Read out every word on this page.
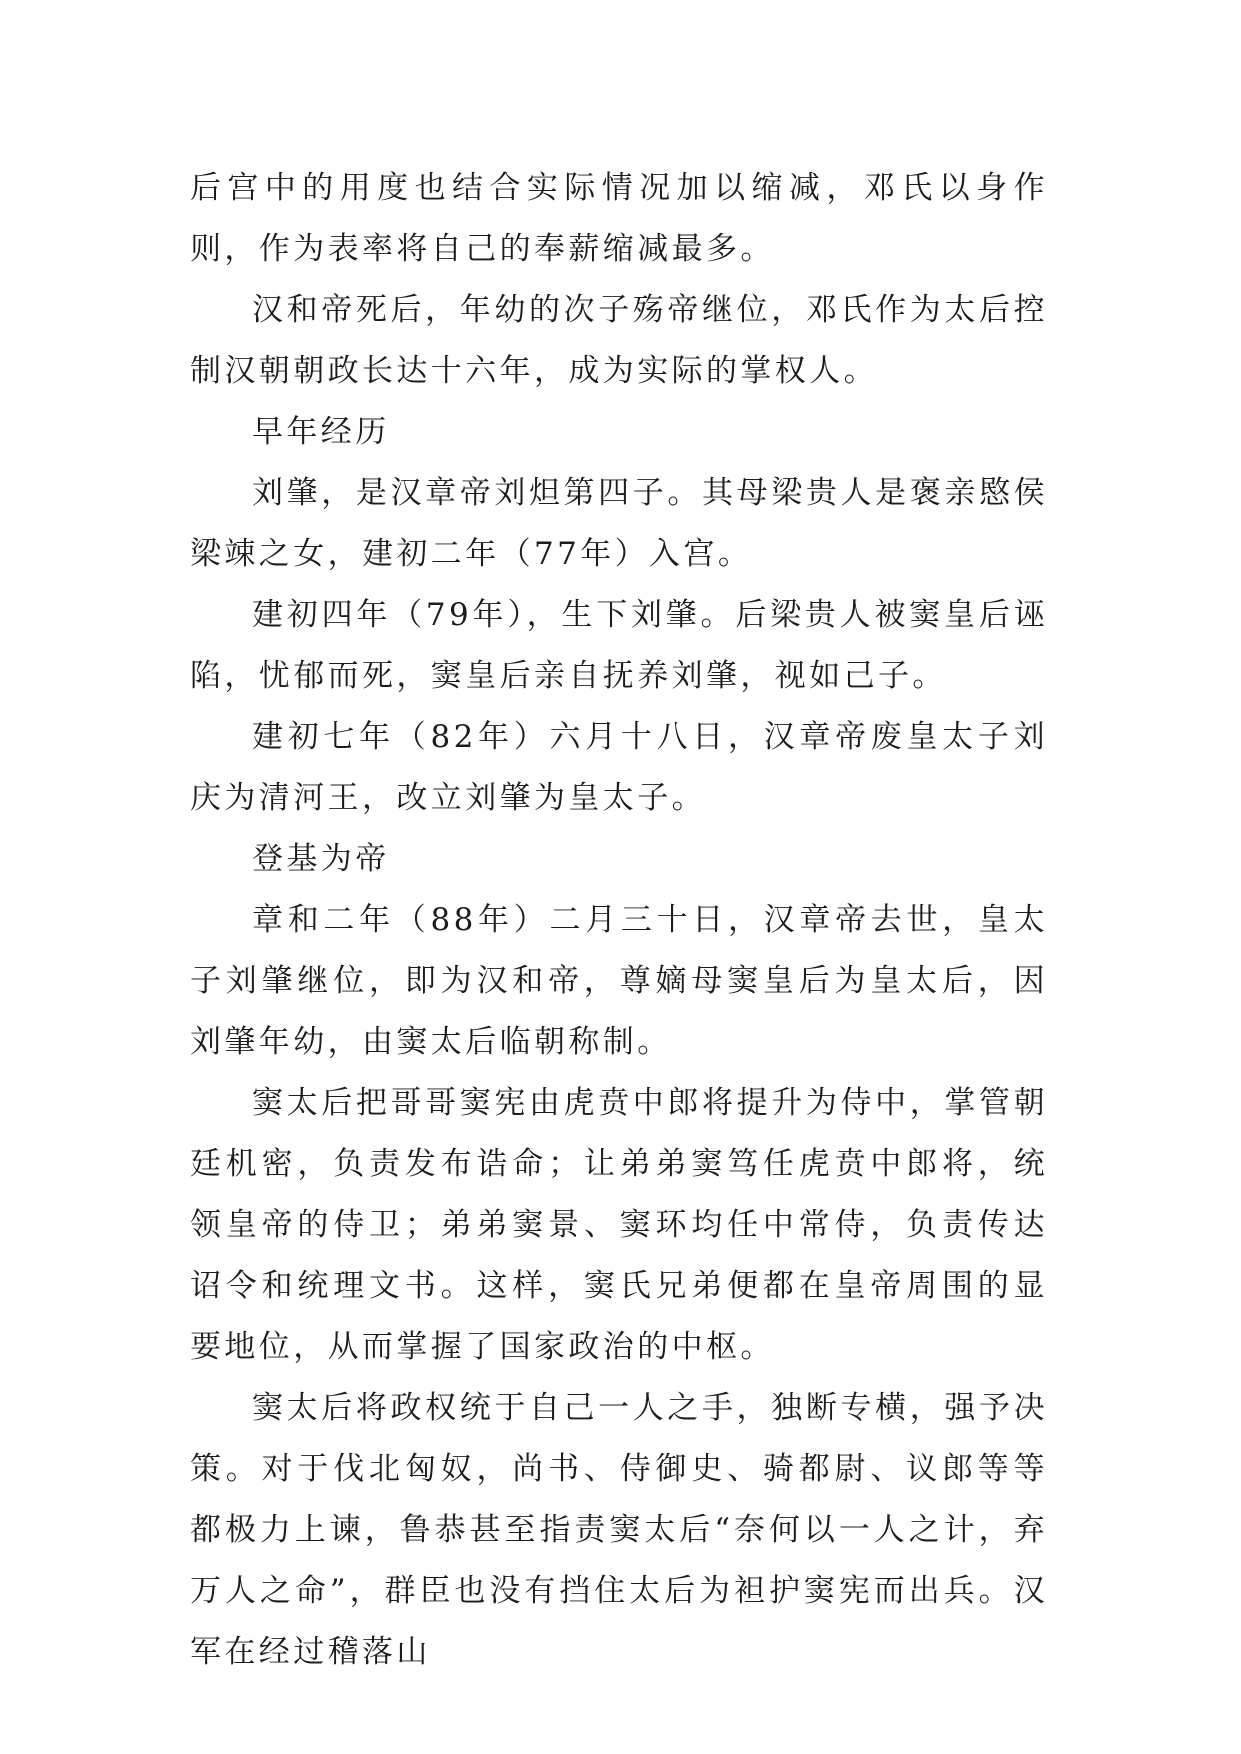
后宫中的用度也结合实际情况加以缩减，邓氏以身作则，作为表率将自己的奉薪缩减最多。

汉和帝死后，年幼的次子殇帝继位，邓氏作为太后控制汉朝朝政长达十六年，成为实际的掌权人。

早年经历

刘肇，是汉章帝刘炟第四子。其母梁贵人是褒亲愍侯梁竦之女，建初二年（77年）入宫。

建初四年（79年），生下刘肇。后梁贵人被窦皇后诬陷，忧郁而死，窦皇后亲自抚养刘肇，视如己子。

建初七年（82年）六月十八日，汉章帝废皇太子刘庆为清河王，改立刘肇为皇太子。

登基为帝

章和二年（88年）二月三十日，汉章帝去世，皇太子刘肇继位，即为汉和帝，尊嫡母窦皇后为皇太后，因刘肇年幼，由窦太后临朝称制。

窦太后把哥哥窦宪由虎贲中郎将提升为侍中，掌管朝廷机密，负责发布诰命；让弟弟窦笃任虎贲中郎将，统领皇帝的侍卫；弟弟窦景、窦环均任中常侍，负责传达诏令和统理文书。这样，窦氏兄弟便都在皇帝周围的显要地位，从而掌握了国家政治的中枢。

窦太后将政权统于自己一人之手，独断专横，强予决策。对于伐北匈奴，尚书、侍御史、骑都尉、议郎等等都极力上谏，鲁恭甚至指责窦太后“奈何以一人之计，弃万人之命”，群臣也没有挡住太后为袒护窦宪而出兵。汉军在经过稽落山
